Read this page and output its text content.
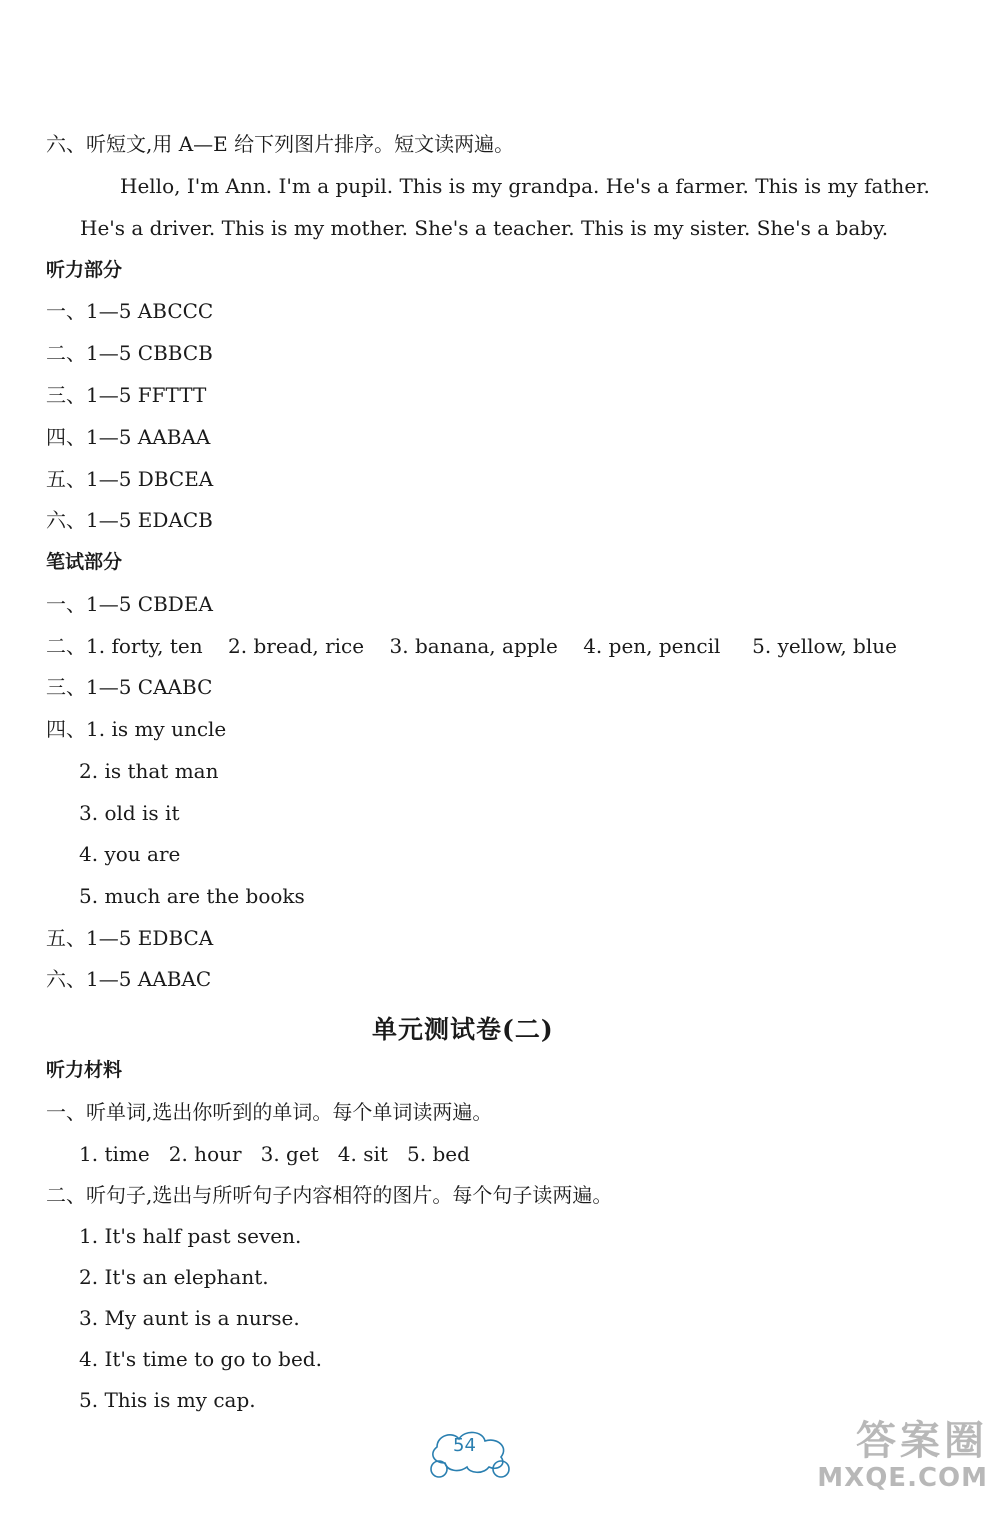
六、听短文,用 A—E 给下列图片排序。短文读两遍。
Hello, I'm Ann. I'm a pupil. This is my grandpa. He's a farmer. This is my father.
He's a driver. This is my mother. She's a teacher. This is my sister. She's a baby.
听力部分
一、1—5 ABCCC
二、1—5 CBBCB
三、1—5 FFTTT
四、1—5 AABAA
五、1—5 DBCEA
六、1—5 EDACB
笔试部分
一、1—5 CBDEA
二、1. forty, ten    2. bread, rice    3. banana, apple    4. pen, pencil     5. yellow, blue
三、1—5 CAABC
四、1. is my uncle
2. is that man
3. old is it
4. you are
5. much are the books
五、1—5 EDBCA
六、1—5 AABAC
单元测试卷(二)
听力材料
一、听单词,选出你听到的单词。每个单词读两遍。
1. time   2. hour   3. get   4. sit   5. bed
二、听句子,选出与所听句子内容相符的图片。每个句子读两遍。
1. It's half past seven.
2. It's an elephant.
3. My aunt is a nurse.
4. It's time to go to bed.
5. This is my cap.
54	答案圈
MXQE.COM
